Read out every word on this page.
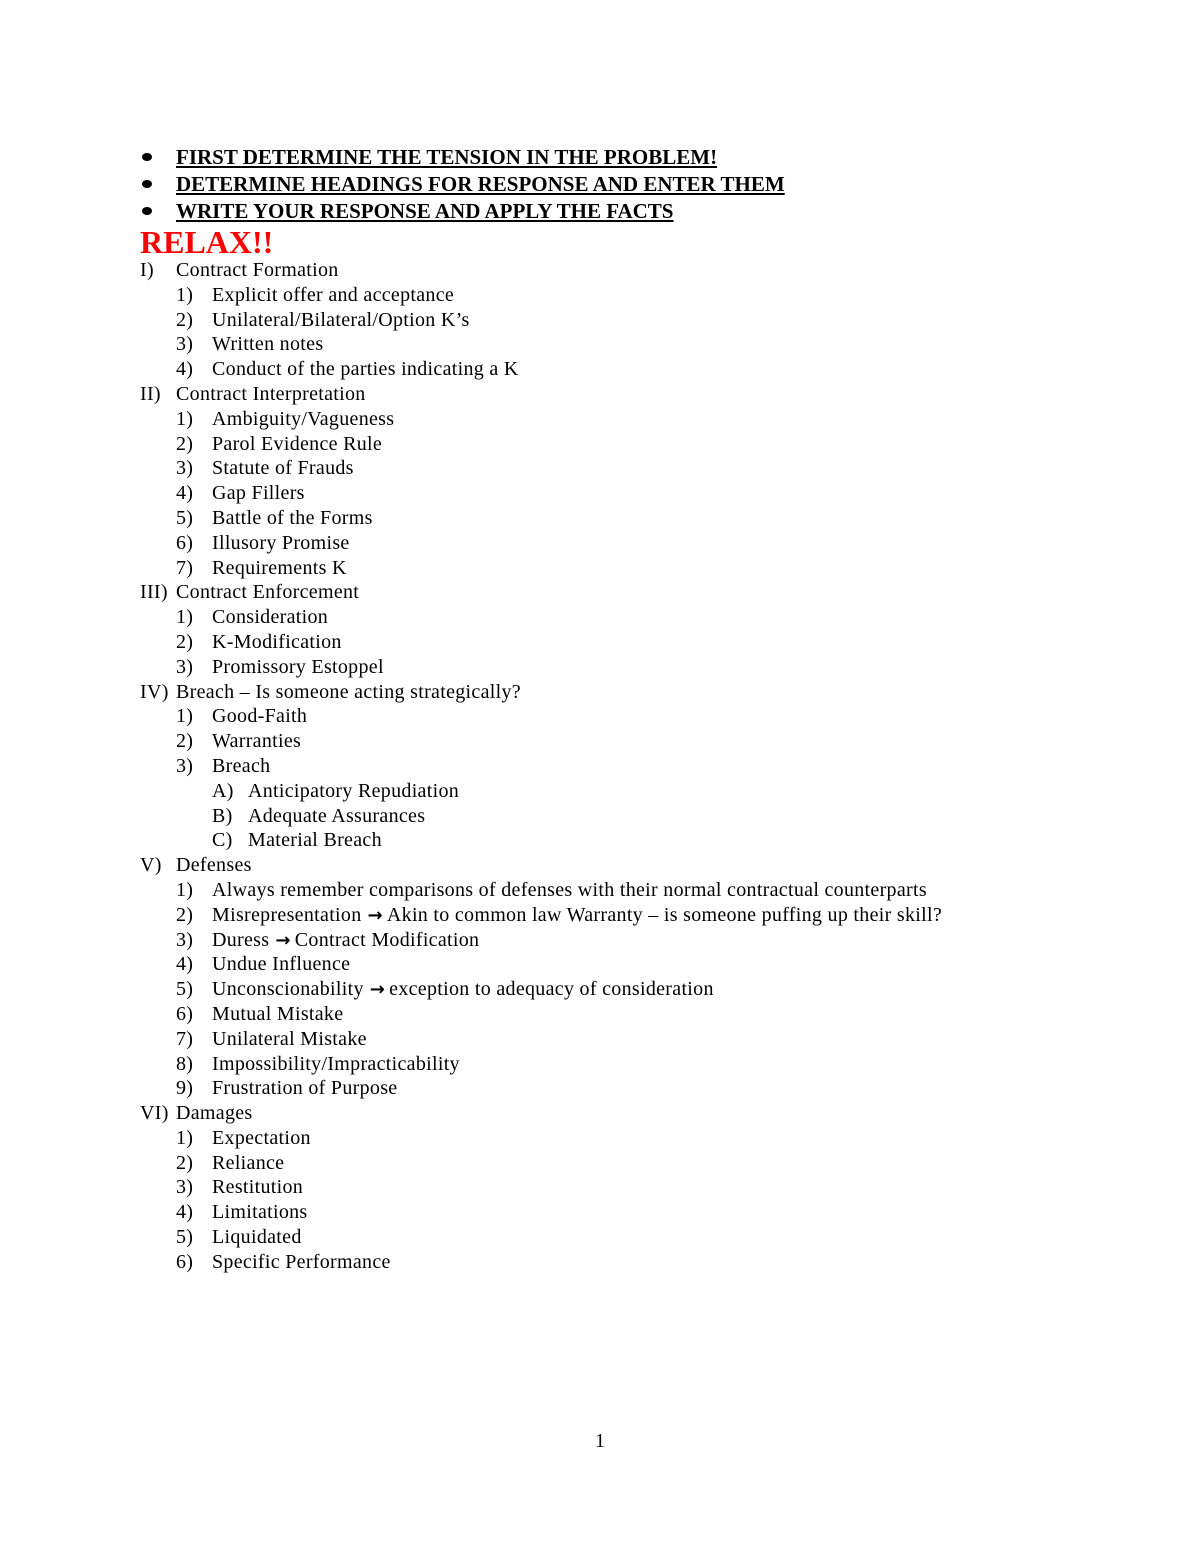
FIRST DETERMINE THE TENSION IN THE PROBLEM!
DETERMINE HEADINGS FOR RESPONSE AND ENTER THEM
WRITE YOUR RESPONSE AND APPLY THE FACTS
RELAX!!
I) Contract Formation
1) Explicit offer and acceptance
2) Unilateral/Bilateral/Option K’s
3) Written notes
4) Conduct of the parties indicating a K
II) Contract Interpretation
1) Ambiguity/Vagueness
2) Parol Evidence Rule
3) Statute of Frauds
4) Gap Fillers
5) Battle of the Forms
6) Illusory Promise
7) Requirements K
III) Contract Enforcement
1) Consideration
2) K-Modification
3) Promissory Estoppel
IV) Breach – Is someone acting strategically?
1) Good-Faith
2) Warranties
3) Breach
A) Anticipatory Repudiation
B) Adequate Assurances
C) Material Breach
V) Defenses
1) Always remember comparisons of defenses with their normal contractual counterparts
2) Misrepresentation → Akin to common law Warranty – is someone puffing up their skill?
3) Duress → Contract Modification
4) Undue Influence
5) Unconscionability → exception to adequacy of consideration
6) Mutual Mistake
7) Unilateral Mistake
8) Impossibility/Impracticability
9) Frustration of Purpose
VI) Damages
1) Expectation
2) Reliance
3) Restitution
4) Limitations
5) Liquidated
6) Specific Performance
1
